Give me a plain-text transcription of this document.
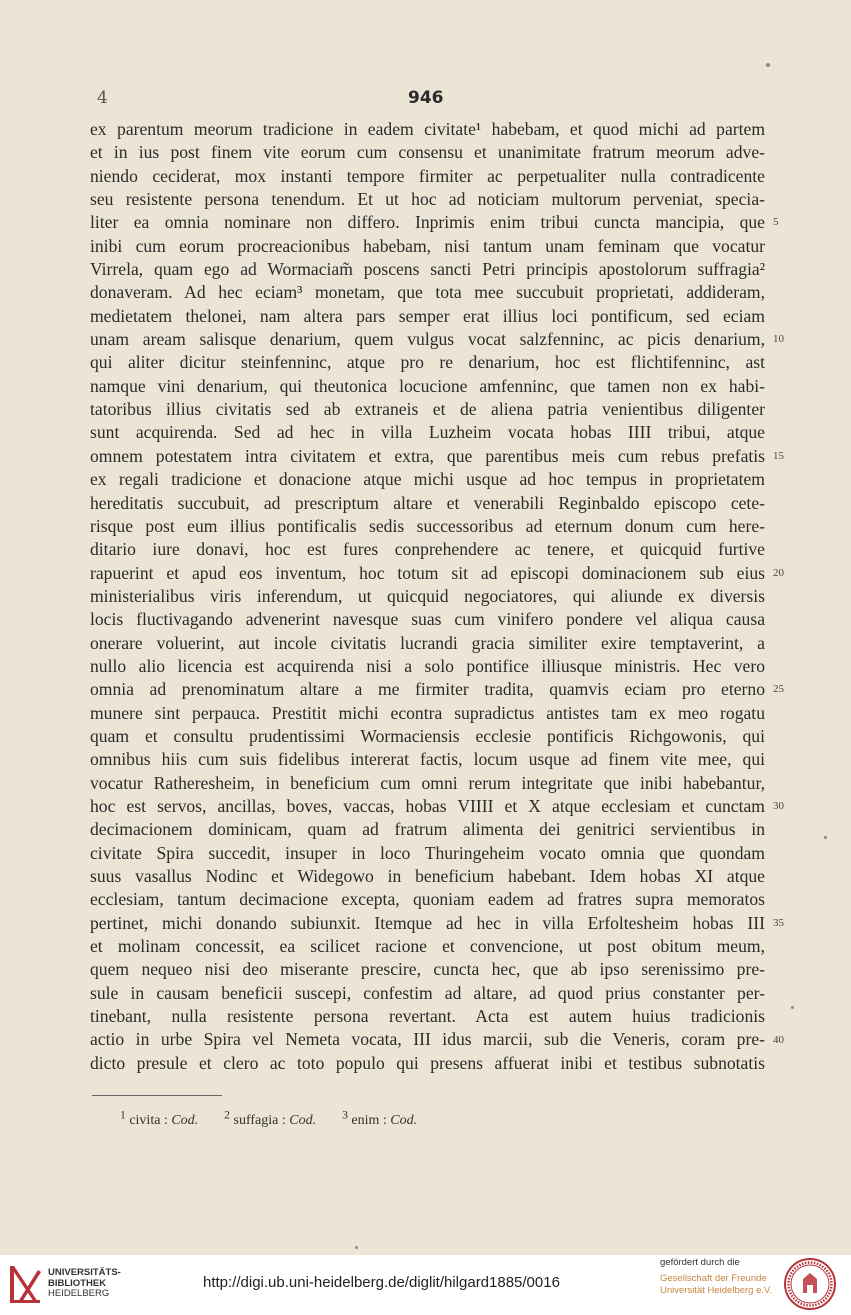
4	946
ex parentum meorum tradicione in eadem civitate¹ habebam, et quod michi ad partem
et in ius post finem vite eorum cum consensu et unanimitate fratrum meorum adve-
niendo ceciderat, mox instanti tempore firmiter ac perpetualiter nulla contradicente
seu resistente persona tenendum. Et ut hoc ad noticiam multorum perveniat, specia-
liter ea omnia nominare non differo. Inprimis enim tribui cuncta mancipia, que
inibi cum eorum procreacionibus habebam, nisi tantum unam feminam que vocatur
Virrela, quam ego ad Wormaciam̃ poscens sancti Petri principis apostolorum suffragia²
donaveram. Ad hec eciam³ monetam, que tota mee succubuit proprietati, addideram,
medietatem thelonei, nam altera pars semper erat illius loci pontificum, sed eciam
unam aream salisque denarium, quem vulgus vocat salzfenninc, ac picis denarium,
qui aliter dicitur steinfenninc, atque pro re denarium, hoc est flichtifenninc, ast
namque vini denarium, qui theutonica locucione amfenninc, que tamen non ex habi-
tatoribus illius civitatis sed ab extraneis et de aliena patria venientibus diligenter
sunt acquirenda. Sed ad hec in villa Luzheim vocata hobas IIII tribui, atque
omnem potestatem intra civitatem et extra, que parentibus meis cum rebus prefatis
ex regali tradicione et donacione atque michi usque ad hoc tempus in proprietatem
hereditatis succubuit, ad prescriptum altare et venerabili Reginbaldo episcopo cete-
risque post eum illius pontificalis sedis successoribus ad eternum donum cum here-
ditario iure donavi, hoc est fures conprehendere ac tenere, et quicquid furtive
rapuerint et apud eos inventum, hoc totum sit ad episcopi dominacionem sub eius
ministerialibus viris inferendum, ut quicquid negociatores, qui aliunde ex diversis
locis fluctivagando advenerint navesque suas cum vinifero pondere vel aliqua causa
onerare voluerint, aut incole civitatis lucrandi gracia similiter exire temptaverint, a
nullo alio licencia est acquirenda nisi a solo pontifice illiusque ministris. Hec vero
omnia ad prenominatum altare a me firmiter tradita, quamvis eciam pro eterno
munere sint perpauca. Prestitit michi econtra supradictus antistes tam ex meo rogatu
quam et consultu prudentissimi Wormaciensis ecclesie pontificis Richgowonis, qui
omnibus hiis cum suis fidelibus intererat factis, locum usque ad finem vite mee, qui
vocatur Ratheresheim, in beneficium cum omni rerum integritate que inibi habebantur,
hoc est servos, ancillas, boves, vaccas, hobas VIIII et X atque ecclesiam et cunctam
decimacionem dominicam, quam ad fratrum alimenta dei genitrici servientibus in
civitate Spira succedit, insuper in loco Thuringeheim vocato omnia que quondam
suus vasallus Nodinc et Widegowo in beneficium habebant. Idem hobas XI atque
ecclesiam, tantum decimacione excepta, quoniam eadem ad fratres supra memoratos
pertinet, michi donando subiunxit. Itemque ad hec in villa Erfoltesheim hobas III
et molinam concessit, ea scilicet racione et convencione, ut post obitum meum,
quem nequeo nisi deo miserante prescire, cuncta hec, que ab ipso serenissimo pre-
sule in causam beneficii suscepi, confestim ad altare, ad quod prius constanter per-
tinebant, nulla resistente persona revertant. Acta est autem huius tradicionis
actio in urbe Spira vel Nemeta vocata, III idus marcii, sub die Veneris, coram pre-
dicto presule et clero ac toto populo qui presens affuerat inibi et testibus subnotatis
5
10
15
20
25
30
35
40
$^1$ civita : Cod. $^2$ suffagia : Cod. $^3$ enim : Cod.
UNIVERSITÄTS-
BIBLIOTHEK
HEIDELBERG
http://digi.ub.uni-heidelberg.de/diglit/hilgard1885/0016
gefördert durch die
Gesellschaft der Freunde
Universität Heidelberg e.V.
